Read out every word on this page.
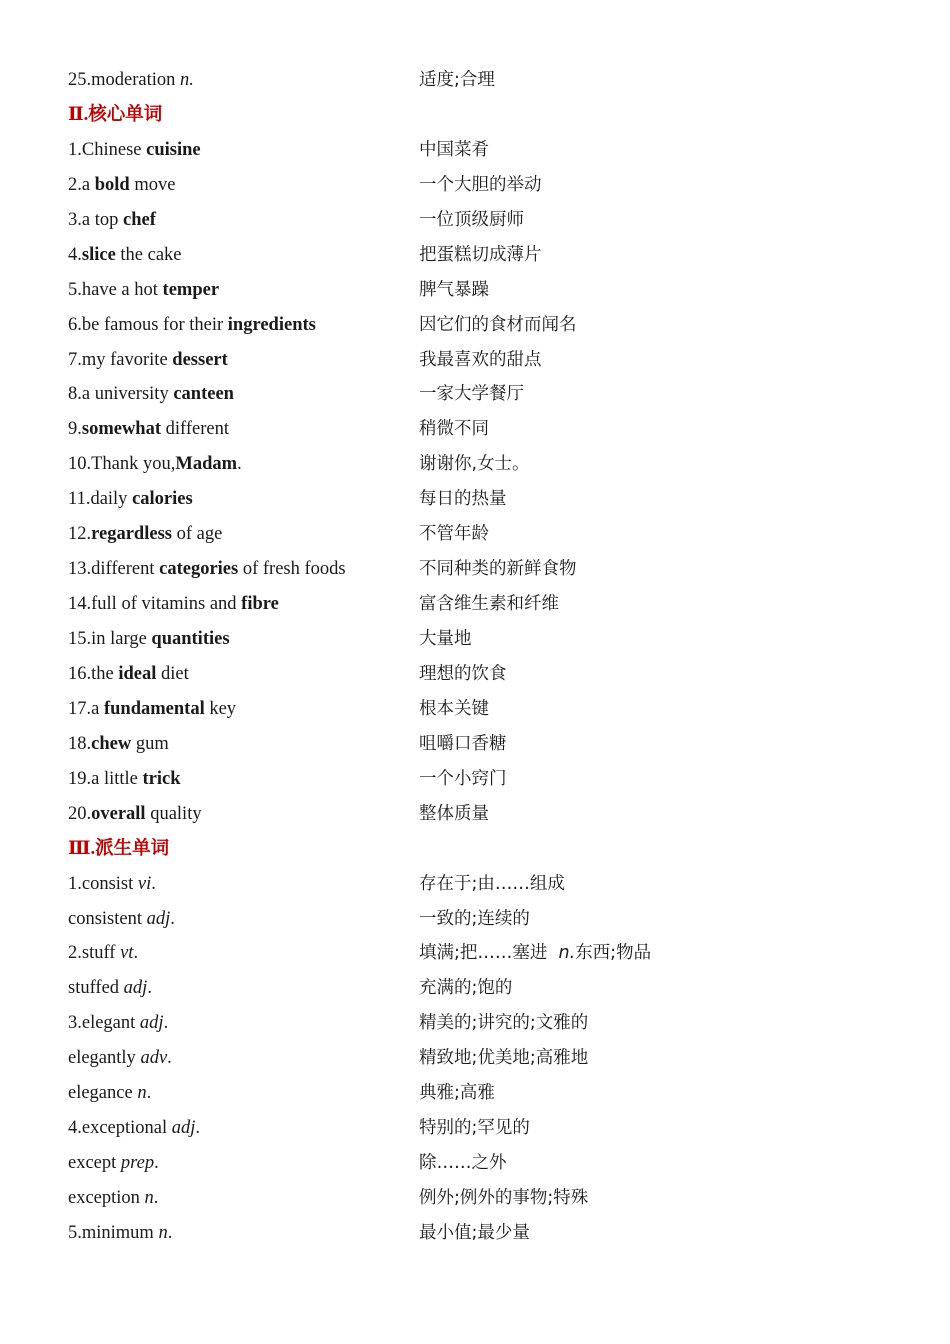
25.moderation n.	适度;合理
Ⅱ.核心单词
1.Chinese cuisine	中国菜肴
2.a bold move	一个大胆的举动
3.a top chef	一位顶级厨师
4.slice the cake	把蛋糕切成薄片
5.have a hot temper	脾气暴躁
6.be famous for their ingredients	因它们的食材而闻名
7.my favorite dessert	我最喜欢的甜点
8.a university canteen	一家大学餐厅
9.somewhat different	稍微不同
10.Thank you,Madam.	谢谢你,女士。
11.daily calories	每日的热量
12.regardless of age	不管年龄
13.different categories of fresh foods	不同种类的新鲜食物
14.full of vitamins and fibre	富含维生素和纤维
15.in large quantities	大量地
16.the ideal diet	理想的饮食
17.a fundamental key	根本关键
18.chew gum	咀嚼口香糖
19.a little trick	一个小窍门
20.overall quality	整体质量
Ⅲ.派生单词
1.consist vi.	存在于;由……组成
consistent adj.	一致的;连续的
2.stuff vt.	填满;把……塞进  n.东西;物品
stuffed adj.	充满的;饱的
3.elegant adj.	精美的;讲究的;文雅的
elegantly adv.	精致地;优美地;高雅地
elegance n.	典雅;高雅
4.exceptional adj.	特别的;罕见的
except prep.	除……之外
exception n.	例外;例外的事物;特殊
5.minimum n.	最小值;最少量
